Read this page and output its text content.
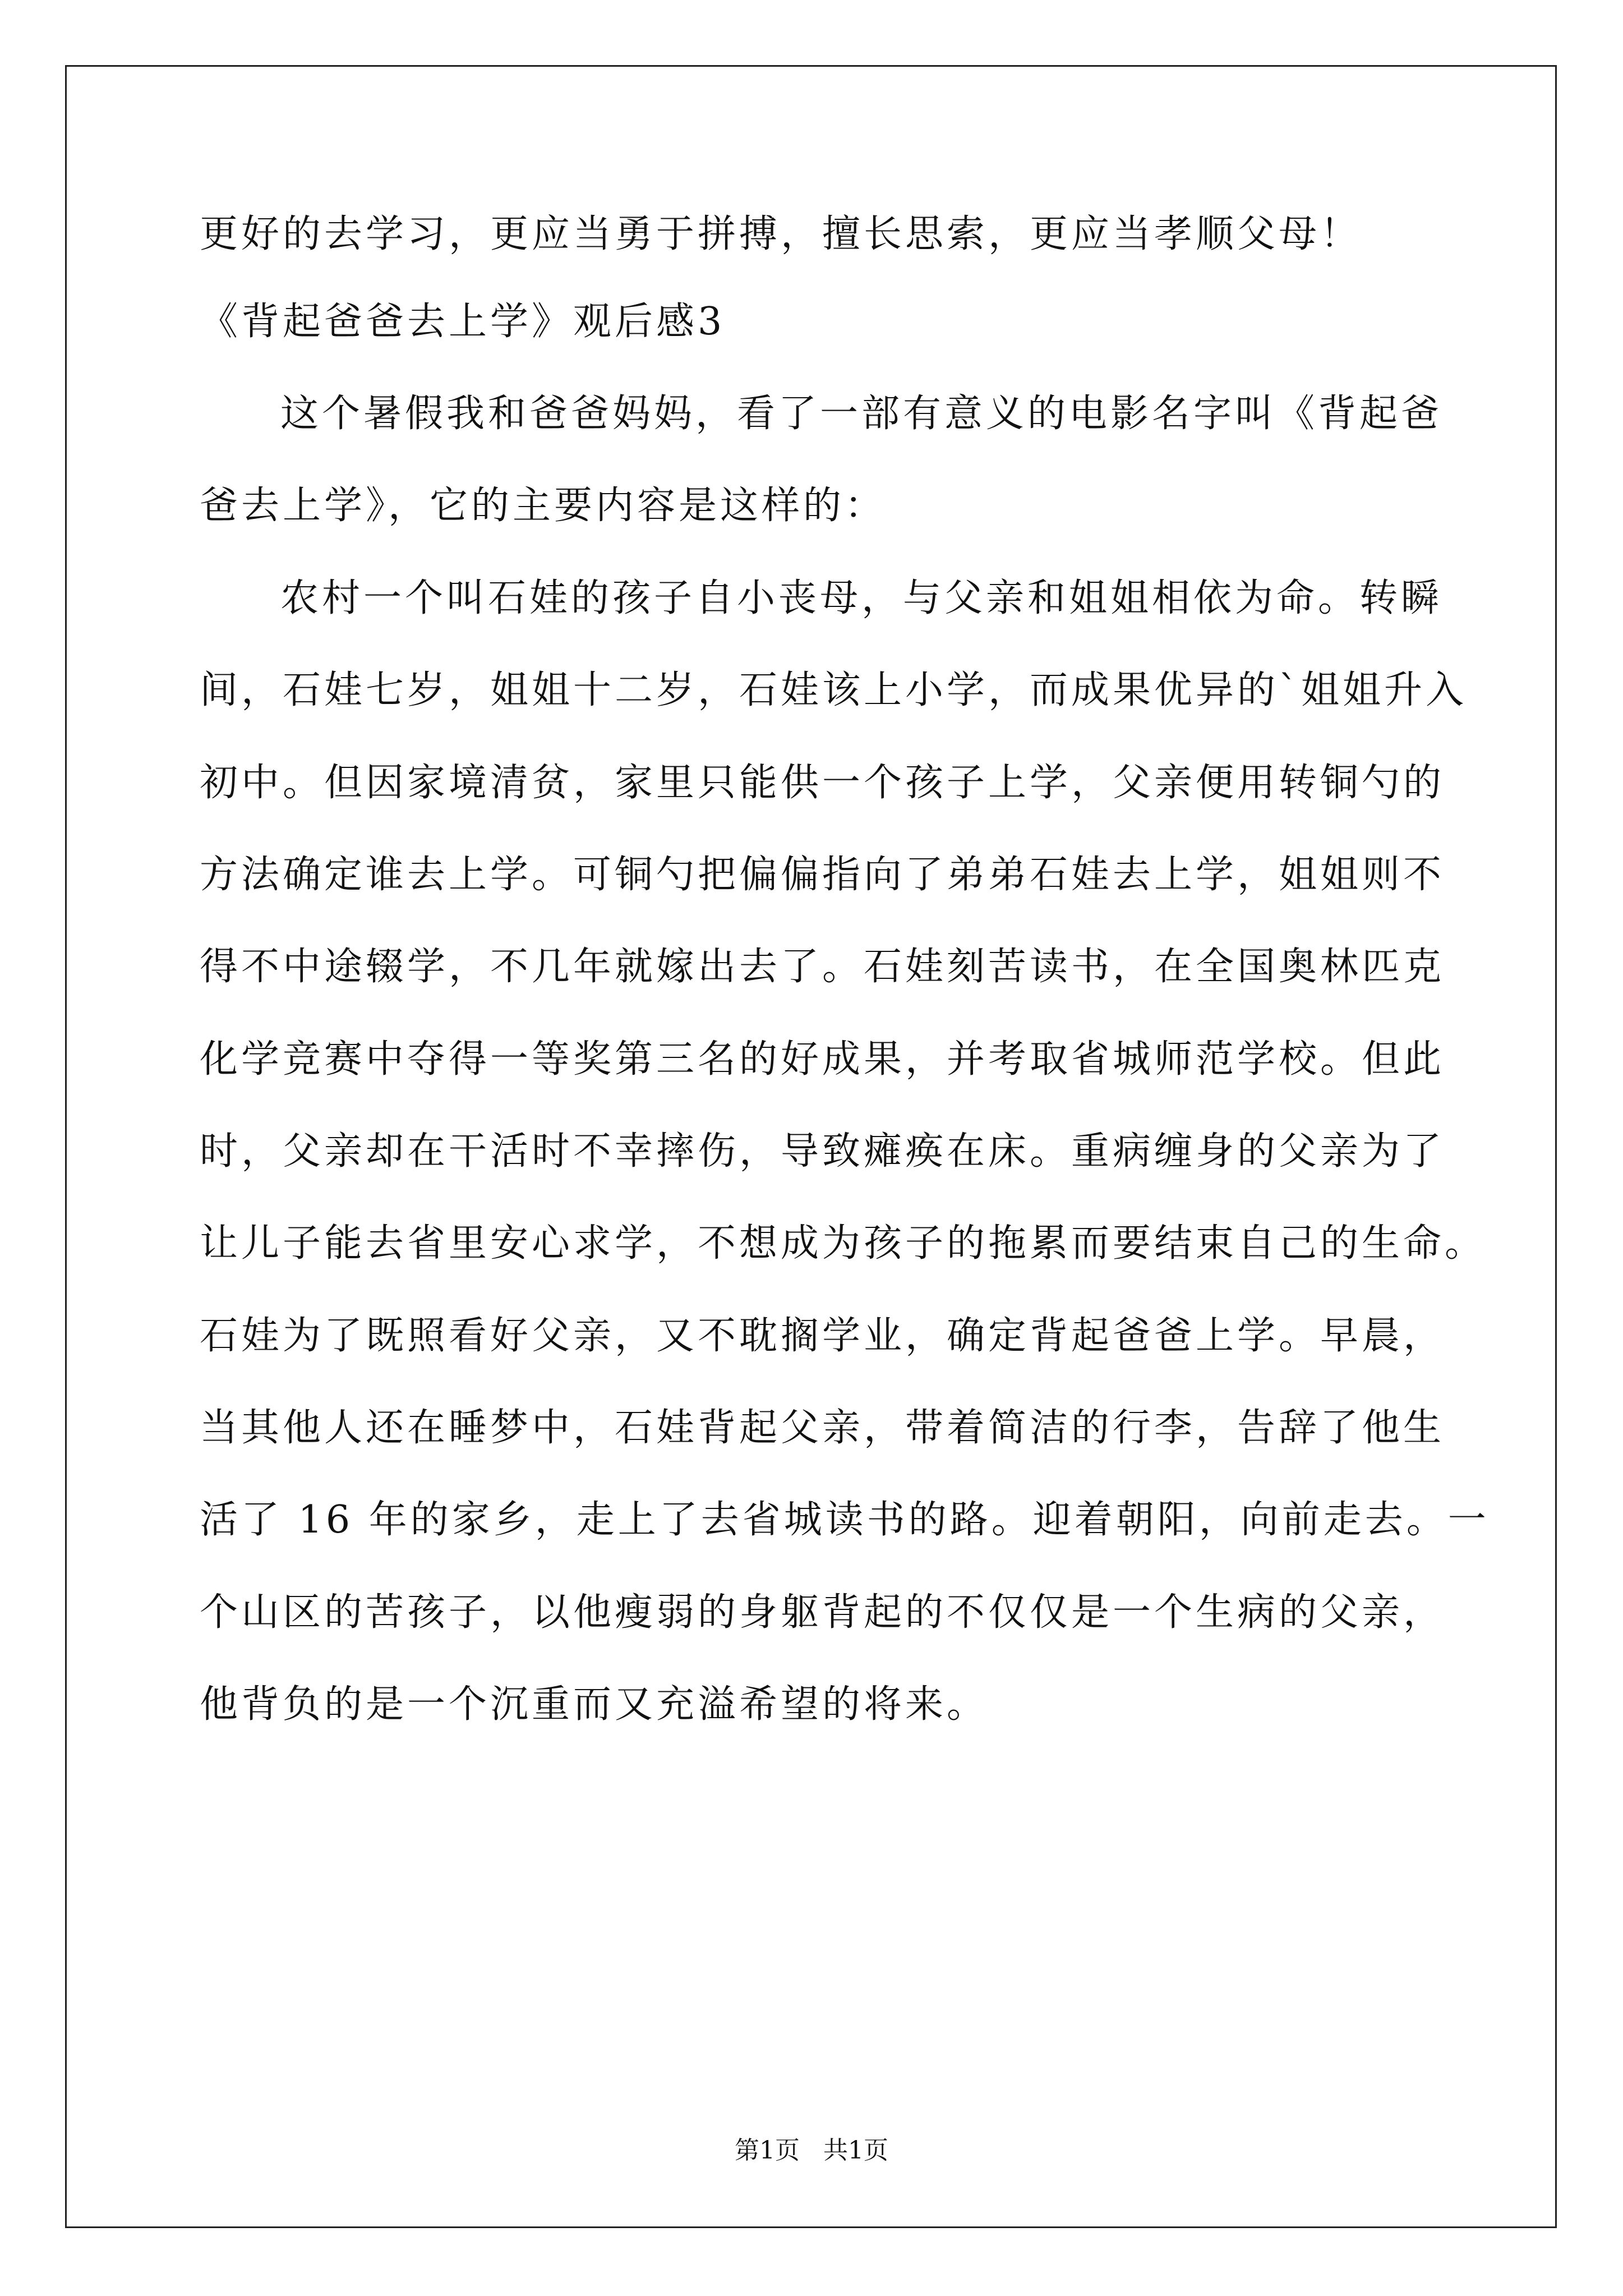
更好的去学习，更应当勇于拼搏，擅长思索，更应当孝顺父母！
《背起爸爸去上学》观后感3
这个暑假我和爸爸妈妈，看了一部有意义的电影名字叫《背起爸
爸去上学》，它的主要内容是这样的：
农村一个叫石娃的孩子自小丧母，与父亲和姐姐相依为命。转瞬
间，石娃七岁，姐姐十二岁，石娃该上小学，而成果优异的`姐姐升入
初中。但因家境清贫，家里只能供一个孩子上学，父亲便用转铜勺的
方法确定谁去上学。可铜勺把偏偏指向了弟弟石娃去上学，姐姐则不
得不中途辍学，不几年就嫁出去了。石娃刻苦读书，在全国奥林匹克
化学竞赛中夺得一等奖第三名的好成果，并考取省城师范学校。但此
时，父亲却在干活时不幸摔伤，导致瘫痪在床。重病缠身的父亲为了
让儿子能去省里安心求学，不想成为孩子的拖累而要结束自己的生命。
石娃为了既照看好父亲，又不耽搁学业，确定背起爸爸上学。早晨，
当其他人还在睡梦中，石娃背起父亲，带着简洁的行李，告辞了他生
活了 16 年的家乡，走上了去省城读书的路。迎着朝阳，向前走去。一
个山区的苦孩子，以他瘦弱的身躯背起的不仅仅是一个生病的父亲，
他背负的是一个沉重而又充溢希望的将来。
第1页   共1页
